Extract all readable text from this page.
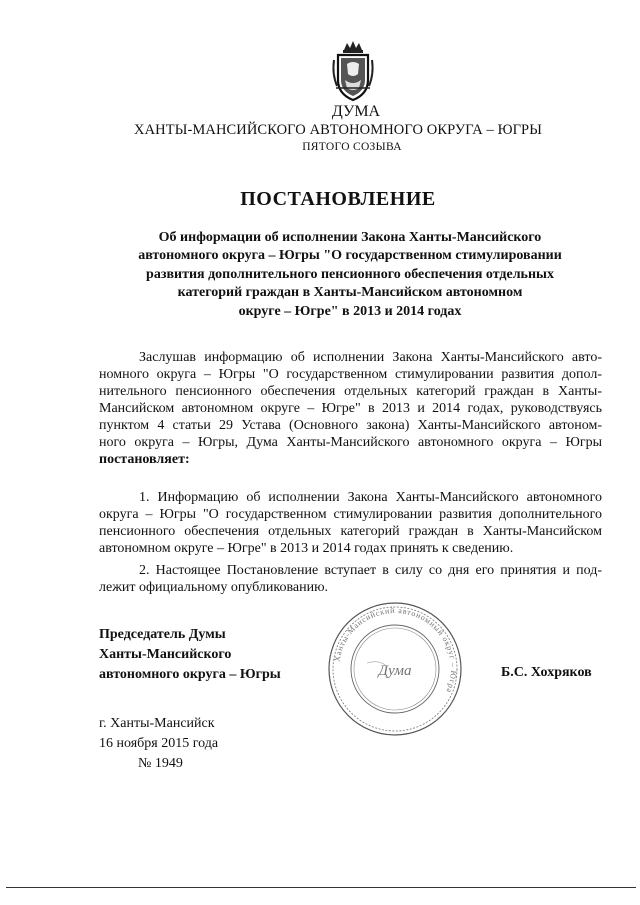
ДУМА

ХАНТЫ-МАНСИЙСКОГО АВТОНОМНОГО ОКРУГА – ЮГРЫ

ПЯТОГО СОЗЫВА

ПОСТАНОВЛЕНИЕ

Об информации об исполнении Закона Ханты-Мансийского
автономного округа – Югры "О государственном стимулировании
развития дополнительного пенсионного обеспечения отдельных
категорий граждан в Ханты-Мансийском автономном
округе – Югре" в 2013 и 2014 годах

Заслушав информацию об исполнении Закона Ханты-Мансийского авто-
номного округа – Югры "О государственном стимулировании развития допол-
нительного пенсионного обеспечения отдельных категорий граждан в Ханты-
Мансийском автономном округе – Югре" в 2013 и 2014 годах, руководствуясь
пунктом 4 статьи 29 Устава (Основного закона) Ханты-Мансийского автоном-
ного округа – Югры, Дума Ханты-Мансийского автономного округа – Югры
постановляет:
1. Информацию об исполнении Закона Ханты-Мансийского автономного
округа – Югры "О государственном стимулировании развития дополнительного
пенсионного обеспечения отдельных категорий граждан в Ханты-Мансийском
автономном округе – Югре" в 2013 и 2014 годах принять к сведению.
2. Настоящее Постановление вступает в силу со дня его принятия и под-
лежит официальному опубликованию.
Председатель Думы
Ханты-Мансийского
автономного округа – Югры
Ханты-Мансийский автономный округ – Югра
Дума	Б.С. Хохряков
г. Ханты-Мансийск
16 ноября 2015 года
№ 1949
